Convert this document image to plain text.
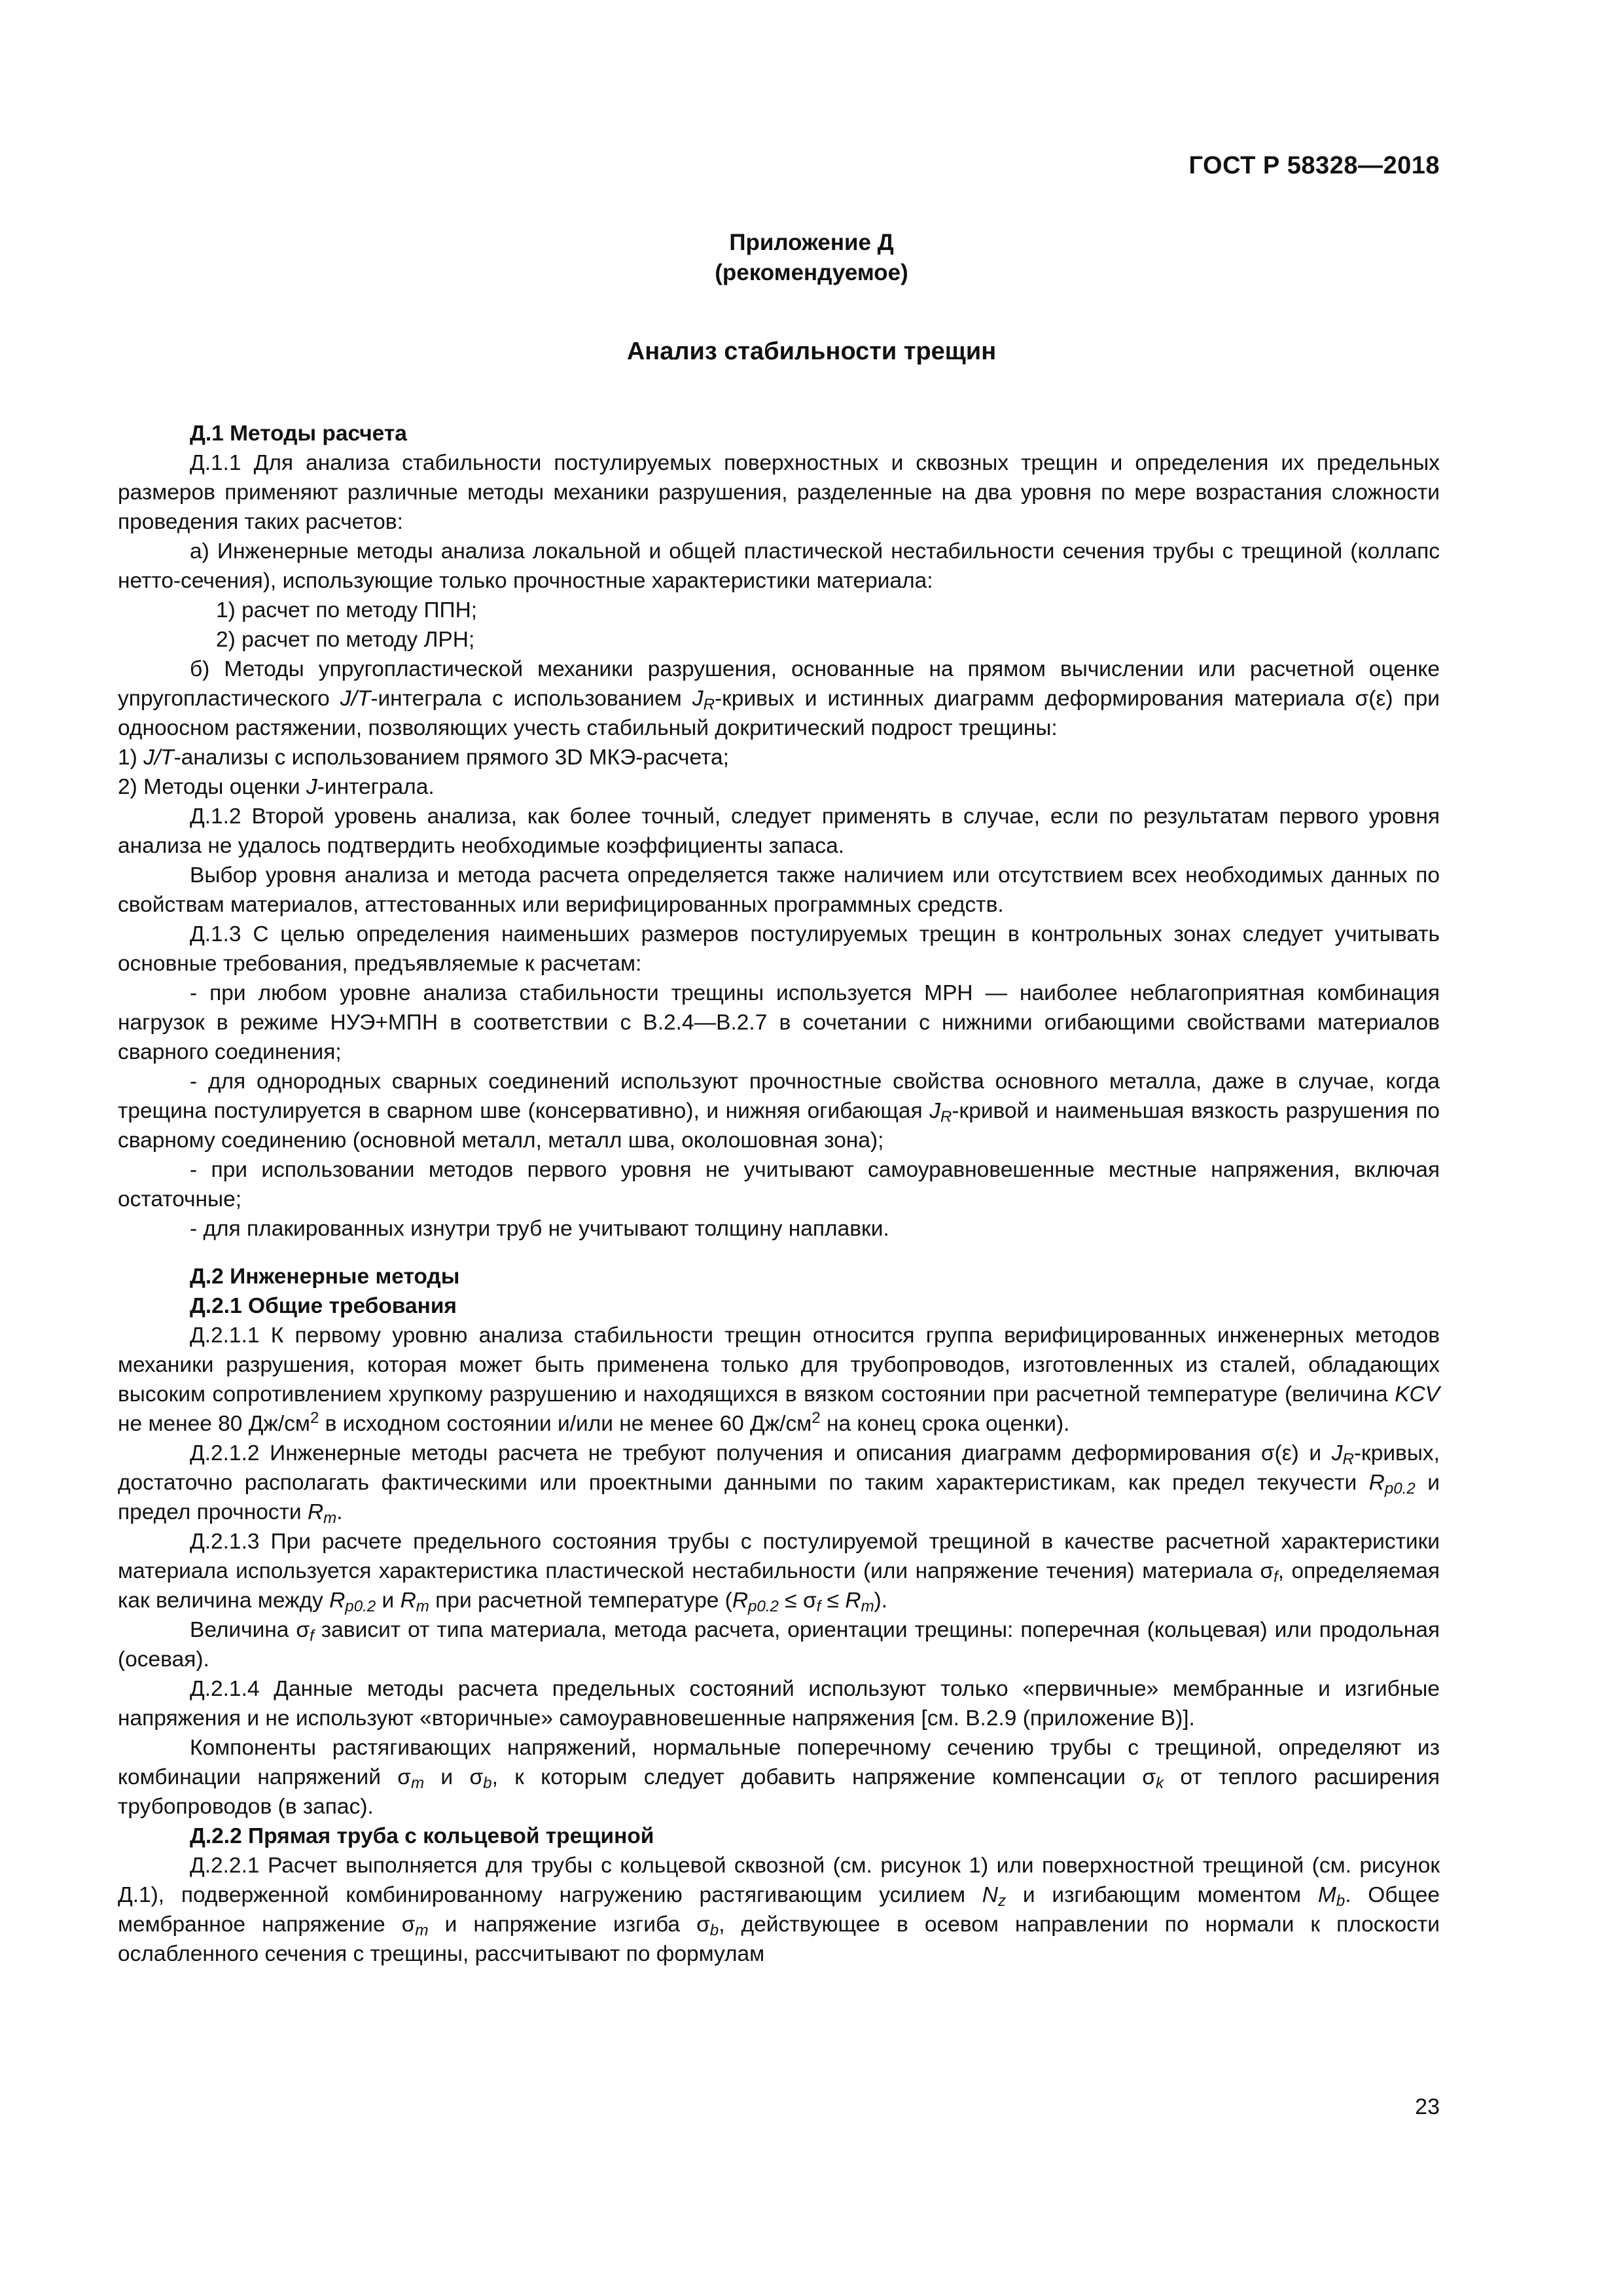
ГОСТ Р 58328—2018
Приложение Д
(рекомендуемое)
Анализ стабильности трещин

Д.1 Методы расчета

Д.1.1 Для анализа стабильности постулируемых поверхностных и сквозных трещин и определения их предельных размеров применяют различные методы механики разрушения, разделенные на два уровня по мере возрастания сложности проведения таких расчетов:

а) Инженерные методы анализа локальной и общей пластической нестабильности сечения трубы с трещиной (коллапс нетто-сечения), использующие только прочностные характеристики материала:

1) расчет по методу ППН;

2) расчет по методу ЛРН;

б) Методы упругопластической механики разрушения, основанные на прямом вычислении или расчетной оценке упругопластического J/T-интеграла с использованием $J_R$-кривых и истинных диаграмм деформирования материала σ(ε) при одноосном растяжении, позволяющих учесть стабильный докритический подрост трещины:

1) J/T-анализы с использованием прямого 3D МКЭ-расчета;

2) Методы оценки J-интеграла.

Д.1.2 Второй уровень анализа, как более точный, следует применять в случае, если по результатам первого уровня анализа не удалось подтвердить необходимые коэффициенты запаса.

Выбор уровня анализа и метода расчета определяется также наличием или отсутствием всех необходимых данных по свойствам материалов, аттестованных или верифицированных программных средств.

Д.1.3 С целью определения наименьших размеров постулируемых трещин в контрольных зонах следует учитывать основные требования, предъявляемые к расчетам:

- при любом уровне анализа стабильности трещины используется МРН — наиболее неблагоприятная комбинация нагрузок в режиме НУЭ+МПН в соответствии с В.2.4—В.2.7 в сочетании с нижними огибающими свойствами материалов сварного соединения;

- для однородных сварных соединений используют прочностные свойства основного металла, даже в случае, когда трещина постулируется в сварном шве (консервативно), и нижняя огибающая $J_R$-кривой и наименьшая вязкость разрушения по сварному соединению (основной металл, металл шва, околошовная зона);

- при использовании методов первого уровня не учитывают самоуравновешенные местные напряжения, включая остаточные;

- для плакированных изнутри труб не учитывают толщину наплавки.

Д.2 Инженерные методы

Д.2.1 Общие требования

Д.2.1.1 К первому уровню анализа стабильности трещин относится группа верифицированных инженерных методов механики разрушения, которая может быть применена только для трубопроводов, изготовленных из сталей, обладающих высоким сопротивлением хрупкому разрушению и находящихся в вязком состоянии при расчетной температуре (величина KCV не менее 80 $Дж/см^2$ в исходном состоянии и/или не менее 60 $Дж/см^2$ на конец срока оценки).

Д.2.1.2 Инженерные методы расчета не требуют получения и описания диаграмм деформирования σ(ε) и $J_R$-кривых, достаточно располагать фактическими или проектными данными по таким характеристикам, как предел текучести $R_{p0.2}$ и предел прочности $R_m$.

Д.2.1.3 При расчете предельного состояния трубы с постулируемой трещиной в качестве расчетной характеристики материала используется характеристика пластической нестабильности (или напряжение течения) материала $\sigma_f$, определяемая как величина между $R_{p0.2}$ и $R_m$ при расчетной температуре $(R_{p0.2} \le \sigma_f \le R_m)$.

Величина $\sigma_f$ зависит от типа материала, метода расчета, ориентации трещины: поперечная (кольцевая) или продольная (осевая).

Д.2.1.4 Данные методы расчета предельных состояний используют только «первичные» мембранные и изгибные напряжения и не используют «вторичные» самоуравновешенные напряжения [см. В.2.9 (приложение В)].

Компоненты растягивающих напряжений, нормальные поперечному сечению трубы с трещиной, определяют из комбинации напряжений $\sigma_m$ и $\sigma_b$, к которым следует добавить напряжение компенсации $\sigma_k$ от теплого расширения трубопроводов (в запас).

Д.2.2 Прямая труба с кольцевой трещиной

Д.2.2.1 Расчет выполняется для трубы с кольцевой сквозной (см. рисунок 1) или поверхностной трещиной (см. рисунок Д.1), подверженной комбинированному нагружению растягивающим усилием $N_z$ и изгибающим моментом $M_b$. Общее мембранное напряжение $\sigma_m$ и напряжение изгиба $\sigma_b$, действующее в осевом направлении по нормали к плоскости ослабленного сечения с трещины, рассчитывают по формулам

23
